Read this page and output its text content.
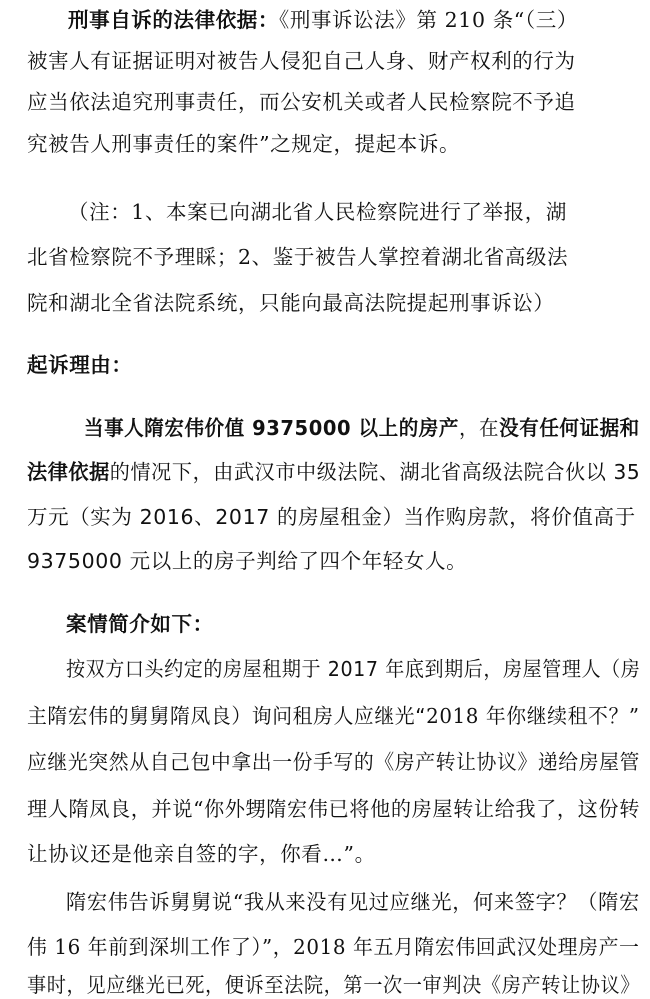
刑事自诉的法律依据：《刑事诉讼法》第 210 条“（三）
被害人有证据证明对被告人侵犯自己人身、财产权利的行为
应当依法追究刑事责任，而公安机关或者人民检察院不予追
究被告人刑事责任的案件”之规定，提起本诉。
（注：1、本案已向湖北省人民检察院进行了举报，湖
北省检察院不予理睬；2、鉴于被告人掌控着湖北省高级法
院和湖北全省法院系统，只能向最高法院提起刑事诉讼）
起诉理由：
当事人隋宏伟价值 9375000 以上的房产，在没有任何证据和
法律依据的情况下，由武汉市中级法院、湖北省高级法院合伙以 35
万元（实为 2016、2017 的房屋租金）当作购房款，将价值高于
9375000 元以上的房子判给了四个年轻女人。
案情简介如下：
按双方口头约定的房屋租期于 2017 年底到期后，房屋管理人（房
主隋宏伟的舅舅隋凤良）询问租房人应继光“2018 年你继续租不？”
应继光突然从自己包中拿出一份手写的《房产转让协议》递给房屋管
理人隋凤良，并说“你外甥隋宏伟已将他的房屋转让给我了，这份转
让协议还是他亲自签的字，你看…”。
隋宏伟告诉舅舅说“我从来没有见过应继光，何来签字？（隋宏
伟 16 年前到深圳工作了）”，2018 年五月隋宏伟回武汉处理房产一
事时，见应继光已死，便诉至法院，第一次一审判决《房产转让协议》
